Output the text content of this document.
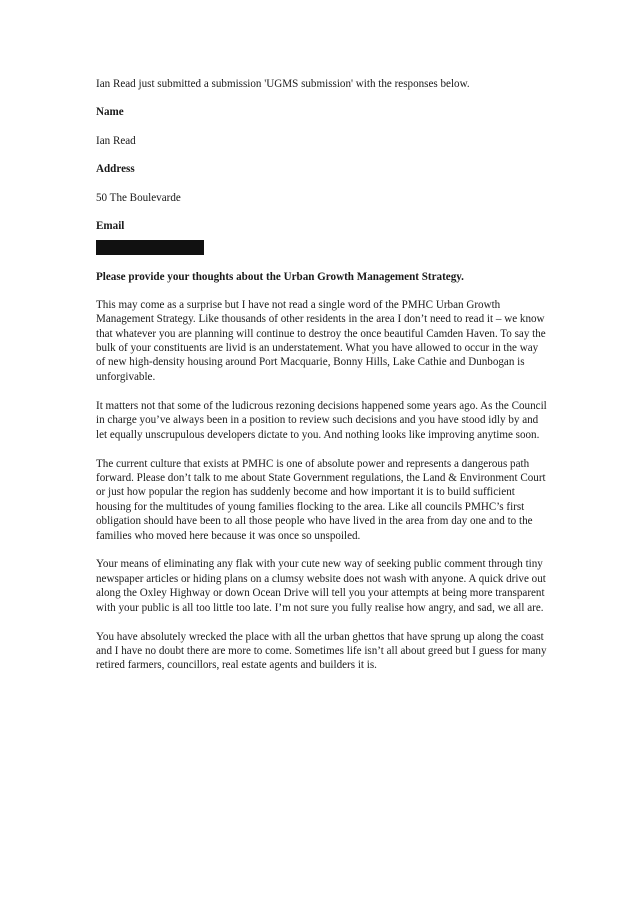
Ian Read just submitted a submission 'UGMS submission' with the responses below.

Name

Ian Read

Address

50 The Boulevarde

Email

Please provide your thoughts about the Urban Growth Management Strategy.

This may come as a surprise but I have not read a single word of the PMHC Urban Growth Management Strategy. Like thousands of other residents in the area I don’t need to read it – we know that whatever you are planning will continue to destroy the once beautiful Camden Haven. To say the bulk of your constituents are livid is an understatement. What you have allowed to occur in the way of new high-density housing around Port Macquarie, Bonny Hills, Lake Cathie and Dunbogan is unforgivable.

It matters not that some of the ludicrous rezoning decisions happened some years ago. As the Council in charge you’ve always been in a position to review such decisions and you have stood idly by and let equally unscrupulous developers dictate to you. And nothing looks like improving anytime soon.

The current culture that exists at PMHC is one of absolute power and represents a dangerous path forward. Please don’t talk to me about State Government regulations, the Land & Environment Court or just how popular the region has suddenly become and how important it is to build sufficient housing for the multitudes of young families flocking to the area. Like all councils PMHC’s first obligation should have been to all those people who have lived in the area from day one and to the families who moved here because it was once so unspoiled.

Your means of eliminating any flak with your cute new way of seeking public comment through tiny newspaper articles or hiding plans on a clumsy website does not wash with anyone. A quick drive out along the Oxley Highway or down Ocean Drive will tell you your attempts at being more transparent with your public is all too little too late. I’m not sure you fully realise how angry, and sad, we all are.

You have absolutely wrecked the place with all the urban ghettos that have sprung up along the coast and I have no doubt there are more to come. Sometimes life isn’t all about greed but I guess for many retired farmers, councillors, real estate agents and builders it is.
